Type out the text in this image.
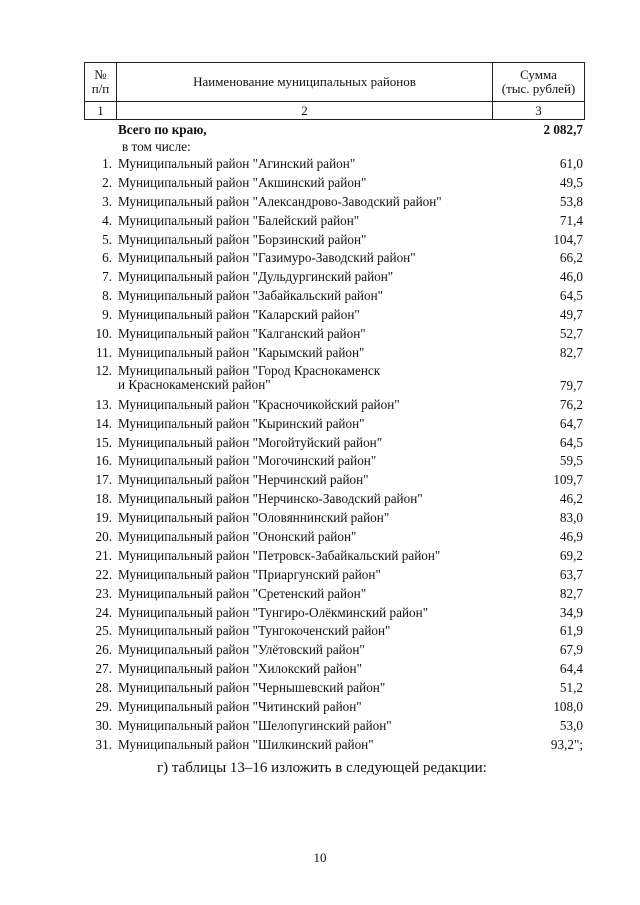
№
п/п	Наименование муниципальных районов	Сумма
(тыс. рублей)
1	2	3
Всего по краю,	2 082,7
в том числе:
1. Муниципальный район "Агинский район"	61,0
2. Муниципальный район "Акшинский район"	49,5
3. Муниципальный район "Александрово-Заводский район"	53,8
4. Муниципальный район "Балейский район"	71,4
5. Муниципальный район "Борзинский район"	104,7
6. Муниципальный район "Газимуро-Заводский район"	66,2
7. Муниципальный район "Дульдургинский район"	46,0
8. Муниципальный район "Забайкальский район"	64,5
9. Муниципальный район "Каларский район"	49,7
10. Муниципальный район "Калганский район"	52,7
11. Муниципальный район "Карымский район"	82,7
12. Муниципальный район "Город Краснокаменск
и Краснокаменский район"	79,7
13. Муниципальный район "Красночикойский район"	76,2
14. Муниципальный район "Кыринский район"	64,7
15. Муниципальный район "Могойтуйский район"	64,5
16. Муниципальный район "Могочинский район"	59,5
17. Муниципальный район "Нерчинский район"	109,7
18. Муниципальный район "Нерчинско-Заводский район"	46,2
19. Муниципальный район "Оловяннинский район"	83,0
20. Муниципальный район "Ононский район"	46,9
21. Муниципальный район "Петровск-Забайкальский район"	69,2
22. Муниципальный район "Приаргунский район"	63,7
23. Муниципальный район "Сретенский район"	82,7
24. Муниципальный район "Тунгиро-Олёкминский район"	34,9
25. Муниципальный район "Тунгокоченский район"	61,9
26. Муниципальный район "Улётовский район"	67,9
27. Муниципальный район "Хилокский район"	64,4
28. Муниципальный район "Чернышевский район"	51,2
29. Муниципальный район "Читинский район"	108,0
30. Муниципальный район "Шелопугинский район"	53,0
31. Муниципальный район "Шилкинский район"	93,2";
г) таблицы 13–16 изложить в следующей редакции:
10
